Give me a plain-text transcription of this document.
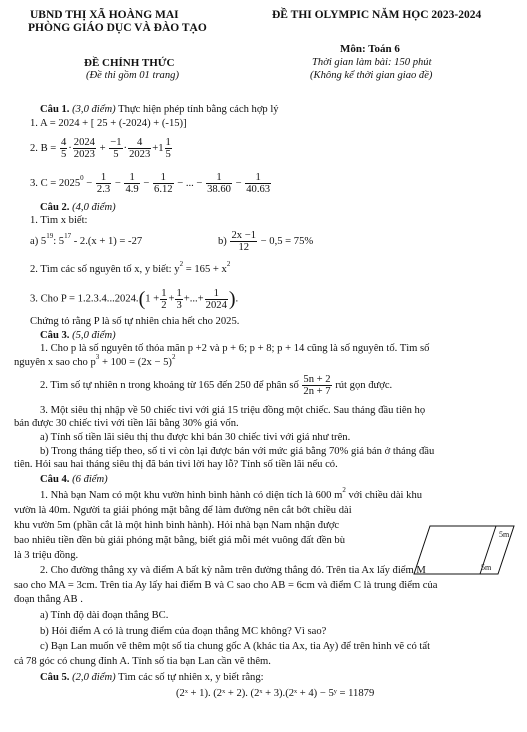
UBND THỊ XÃ HOÀNG MAI
PHÒNG GIÁO DỤC VÀ ĐÀO TẠO
ĐỀ THI OLYMPIC NĂM HỌC 2023-2024
Môn: Toán 6
ĐỀ CHÍNH THỨC	Thời gian làm bài: 150 phút
(Đề thi gồm 01 trang)	(Không kể thời gian giao đề)
Câu 1. (3,0 điểm) Thực hiện phép tính bằng cách hợp lý
1. A = 2024 + [ 25 + (-2024) + (-15)]
2. $B = \frac{4}{5} \cdot \frac{2024}{2023} + \frac{-1}{5} \cdot \frac{4}{2023} +1 \frac{1}{5}$
3. $C = 2025^0 - \frac{1}{2.3} - \frac{1}{4.9} - \frac{1}{6.12}$ − ... − $\frac{1}{38.60} - \frac{1}{40.63}$
Câu 2. (4,0 điểm)
1. Tìm x biết:
a) $5^{19}$: $5^{17} - 2.(x + 1) = -27$	$b) \frac{2x -1}{12} - 0,5 = 75\%$
2. Tìm các số nguyên tố x, y biết: $y^2 = 165 + x^2$
3. Cho $P = 1.2.3.4...2024.(1 + \frac{1}{2} + \frac{1}{3}$ +...+ $\frac{1}{2024}$ ).
Chứng tỏ rằng P là số tự nhiên chia hết cho 2025.
Câu 3. (5,0 điểm)
1. Cho p là số nguyên tố thỏa mãn p +2 và p + 6; p + 8; p + 14 cũng là số nguyên tố. Tìm số
nguyên x sao cho $p^3 + 100 = (2x - 5)^2$
2. Tìm số tự nhiên n trong khoảng từ 165 đến 250 để phân số $\frac{5n + 2}{2n + 7}$ rút gọn được.
3. Một siêu thị nhập về 50 chiếc tivi với giá 15 triệu đồng một chiếc. Sau tháng đầu tiên họ
bán được 30 chiếc tivi với tiền lãi bằng 30% giá vốn.
a) Tính số tiền lãi siêu thị thu được khi bán 30 chiếc tivi với giá như trên.
b) Trong tháng tiếp theo, số ti vi còn lại được bán với mức giá bằng 70% giá bán ở tháng đầu
tiên. Hỏi sau hai tháng siêu thị đã bán tivi lời hay lỗ? Tính số tiền lãi nếu có.
Câu 4. (6 điểm)
1. Nhà bạn Nam có một khu vườn hình bình hành có diện tích là 600 $m^2$ với chiều dài khu
vườn là 40m. Người ta giải phóng mặt bằng để làm đường nên cắt bớt chiều dài
khu vườn 5m (phần cắt là một hình bình hành). Hỏi nhà bạn Nam nhận được
bao nhiêu tiền đền bù giải phóng mặt bằng, biết giá mỗi mét vuông đất đền bù
là 3 triệu đồng.
5m
5m
2. Cho đường thẳng xy và điểm A bất kỳ nằm trên đường thẳng đó. Trên tia Ax lấy điểm M
sao cho MA = 3cm. Trên tia Ay lấy hai điểm B và C sao cho AB = 6cm và điểm C là trung điểm của
đoạn thẳng AB .
a) Tính độ dài đoạn thẳng BC.
b) Hỏi điểm A có là trung điểm của đoạn thẳng MC không? Vì sao?
c) Bạn Lan muốn vẽ thêm một số tia chung gốc A (khác tia Ax, tia Ay) để trên hình vẽ có tất
cả 78 góc có chung đỉnh A. Tính số tia bạn Lan cần vẽ thêm.
Câu 5. (2,0 điểm) Tìm các số tự nhiên x, y biết rằng:
(2ˣ + 1). (2ˣ + 2). (2ˣ + 3).(2ˣ + 4) − 5ʸ = 11879
